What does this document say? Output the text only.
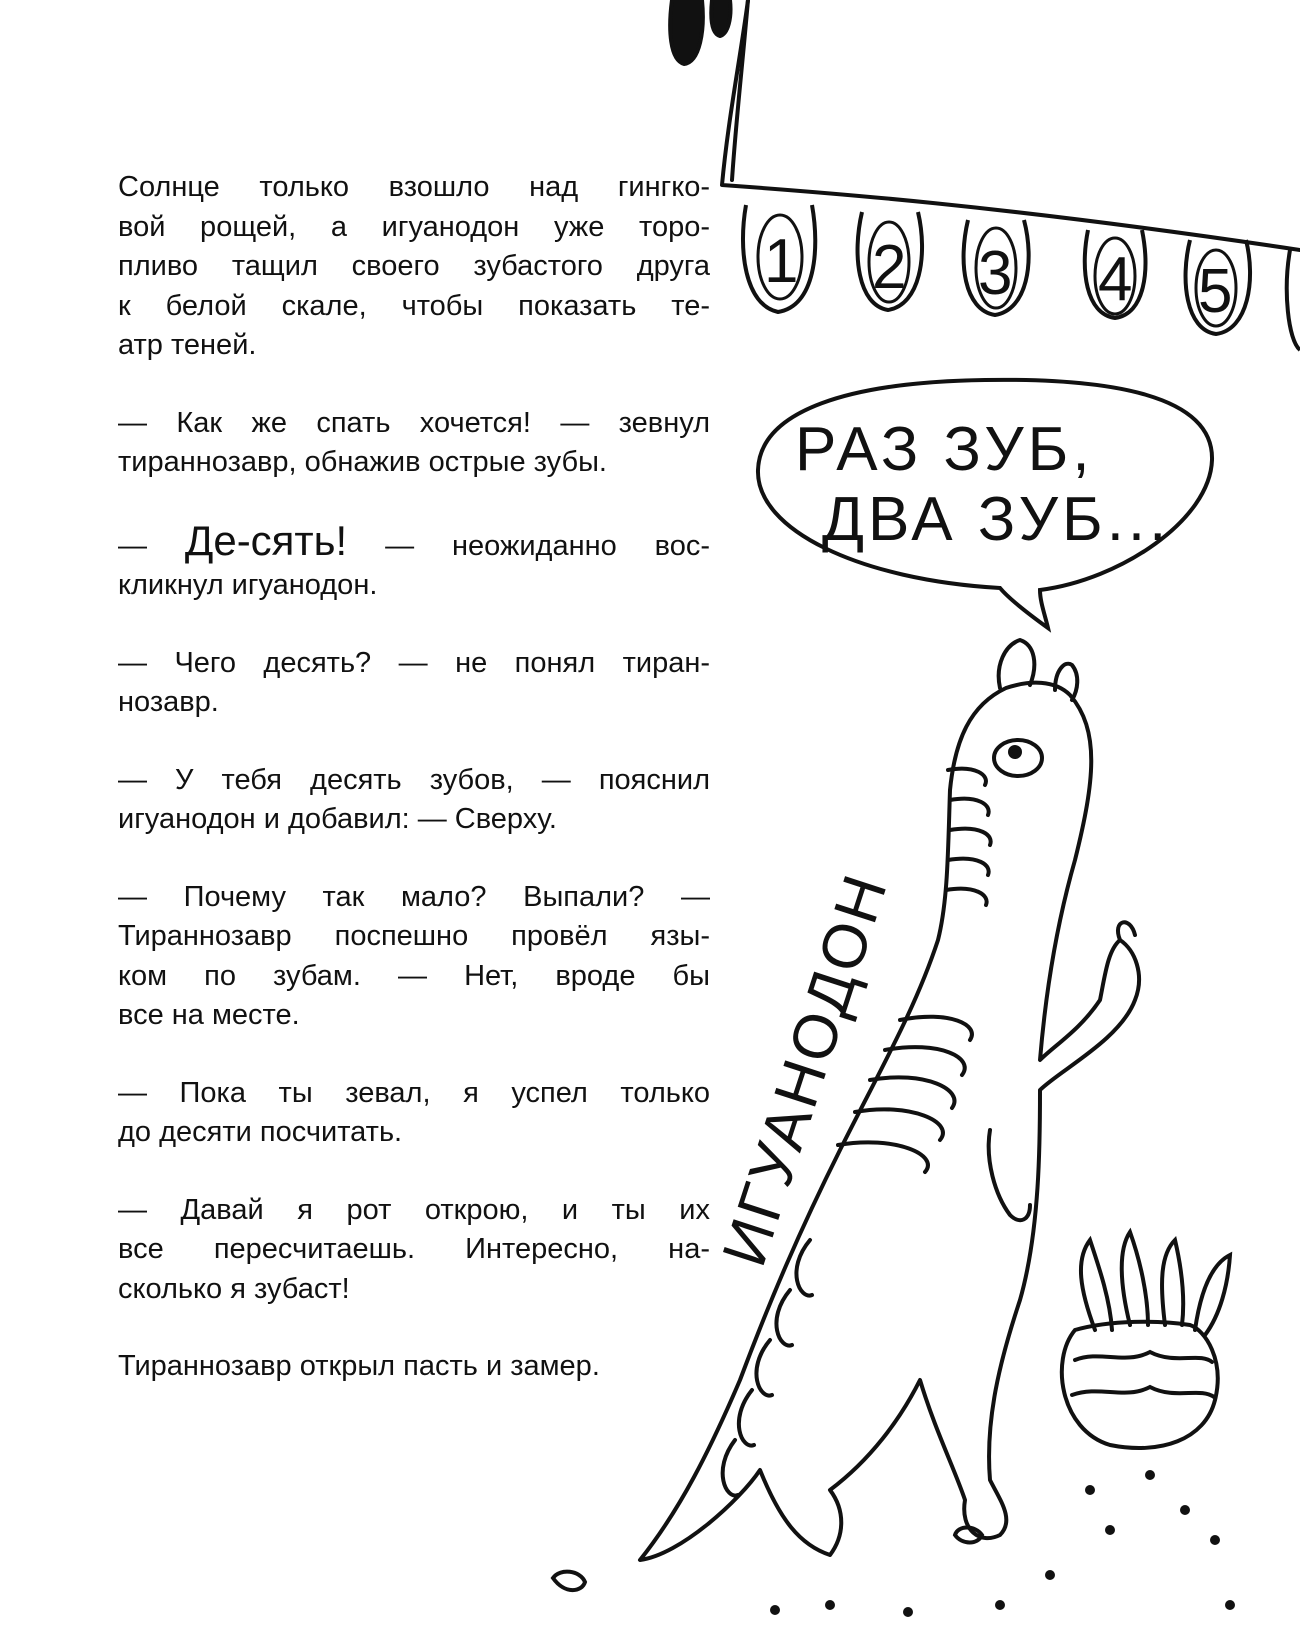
1 2 3 4 5
РАЗ ЗУБ,
ДВА ЗУБ...
ИГУАНОДОН

Солнце только взошло над гингко-
вой рощей, а игуанодон уже торо-
пливо тащил своего зубастого друга
к белой скале, чтобы показать те-
атр теней.

— Как же спать хочется! — зевнул
тираннозавр, обнажив острые зубы.

— Де-сять! — неожиданно вос-
кликнул игуанодон.

— Чего десять? — не понял тиран-
нозавр.

— У тебя десять зубов, — пояснил
игуанодон и добавил: — Сверху.

— Почему так мало? Выпали? —
Тираннозавр поспешно провёл язы-
ком по зубам. — Нет, вроде бы
все на месте.

— Пока ты зевал, я успел только
до десяти посчитать.

— Давай я рот открою, и ты их
все пересчитаешь. Интересно, на-
сколько я зубаст!

Тираннозавр открыл пасть и замер.
